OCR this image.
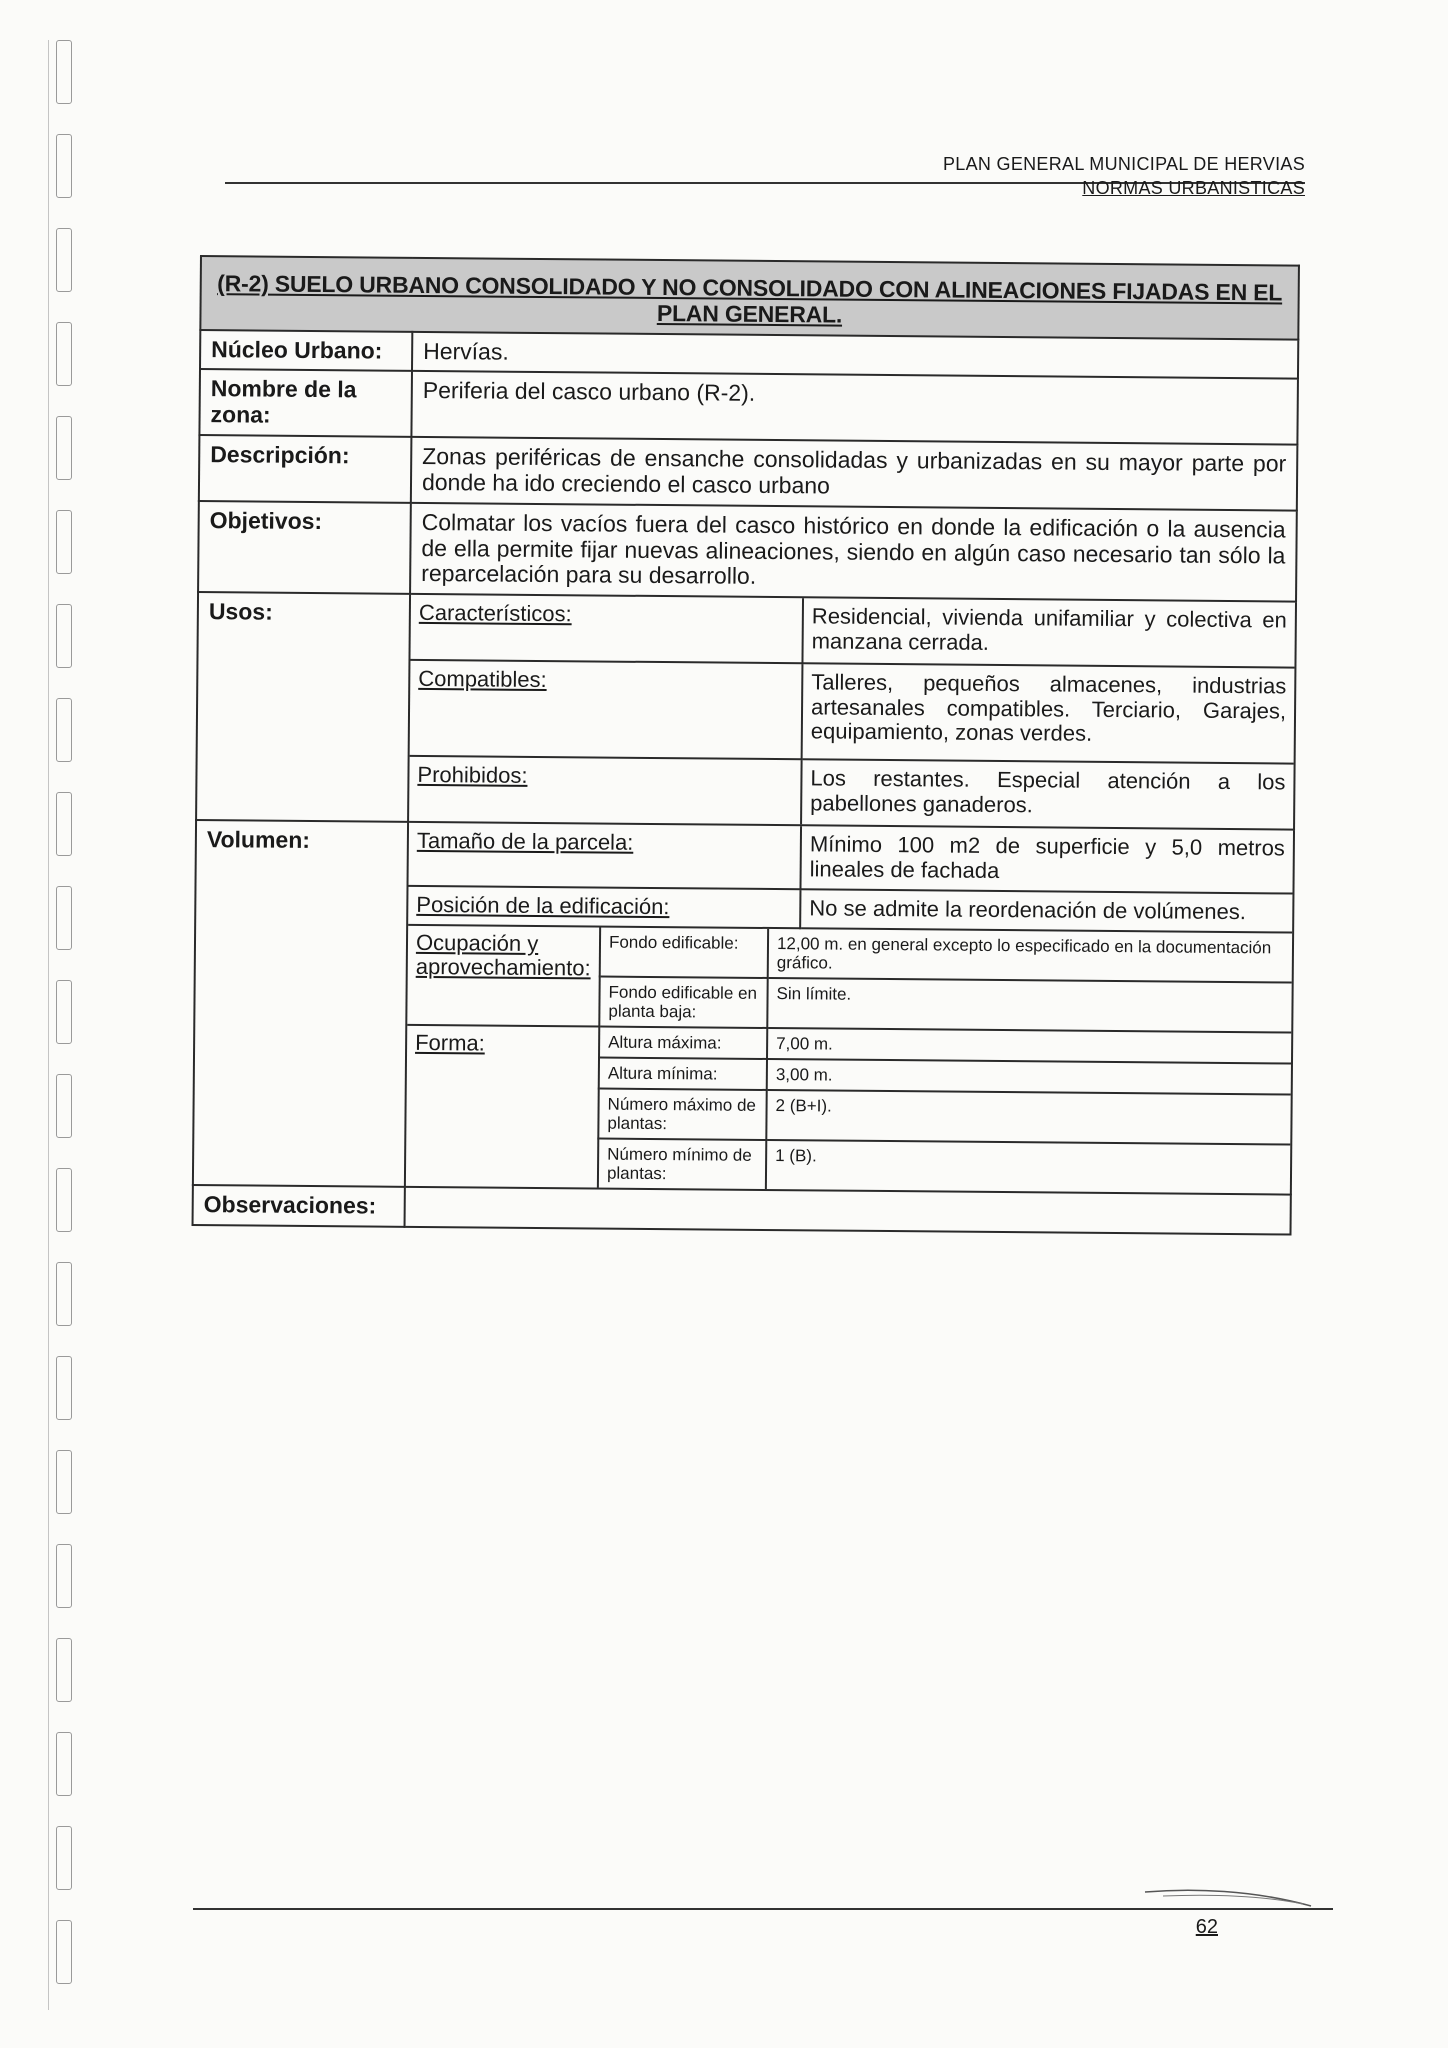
PLAN GENERAL MUNICIPAL DE HERVIAS
NORMAS URBANISTICAS
(R-2) SUELO URBANO CONSOLIDADO Y NO CONSOLIDADO CON ALINEACIONES FIJADAS EN EL
PLAN GENERAL.
Núcleo Urbano:	Hervías.
Nombre de la zona:	Periferia del casco urbano (R-2).
Descripción:	Zonas periféricas de ensanche consolidadas y urbanizadas en su mayor parte por donde ha ido creciendo el casco urbano
Objetivos:	Colmatar los vacíos fuera del casco histórico en donde la edificación o la ausencia de ella permite fijar nuevas alineaciones, siendo en algún caso necesario tan sólo la reparcelación para su desarrollo.
Usos:		Característicos:	Residencial, vivienda unifamiliar y colectiva en manzana cerrada.
Compatibles:	Talleres, pequeños almacenes, industrias artesanales compatibles. Terciario, Garajes, equipamiento, zonas verdes.
Prohibidos:	Los restantes. Especial atención a los pabellones ganaderos.

Volumen:		Tamaño de la parcela:	Mínimo 100 m2 de superficie y 5,0 metros lineales de fachada
Posición de la edificación:	No se admite la reordenación de volúmenes.

Ocupación y aprovechamiento:	Fondo edificable:	12,00 m. en general excepto lo especificado en la documentación gráfico.
Fondo edificable en planta baja:	Sin límite.
Forma:	Altura máxima:	7,00 m.
Altura mínima:	3,00 m.
Número máximo de plantas:	2 (B+I).
Número mínimo de plantas:	1 (B).

Observaciones:	
62
